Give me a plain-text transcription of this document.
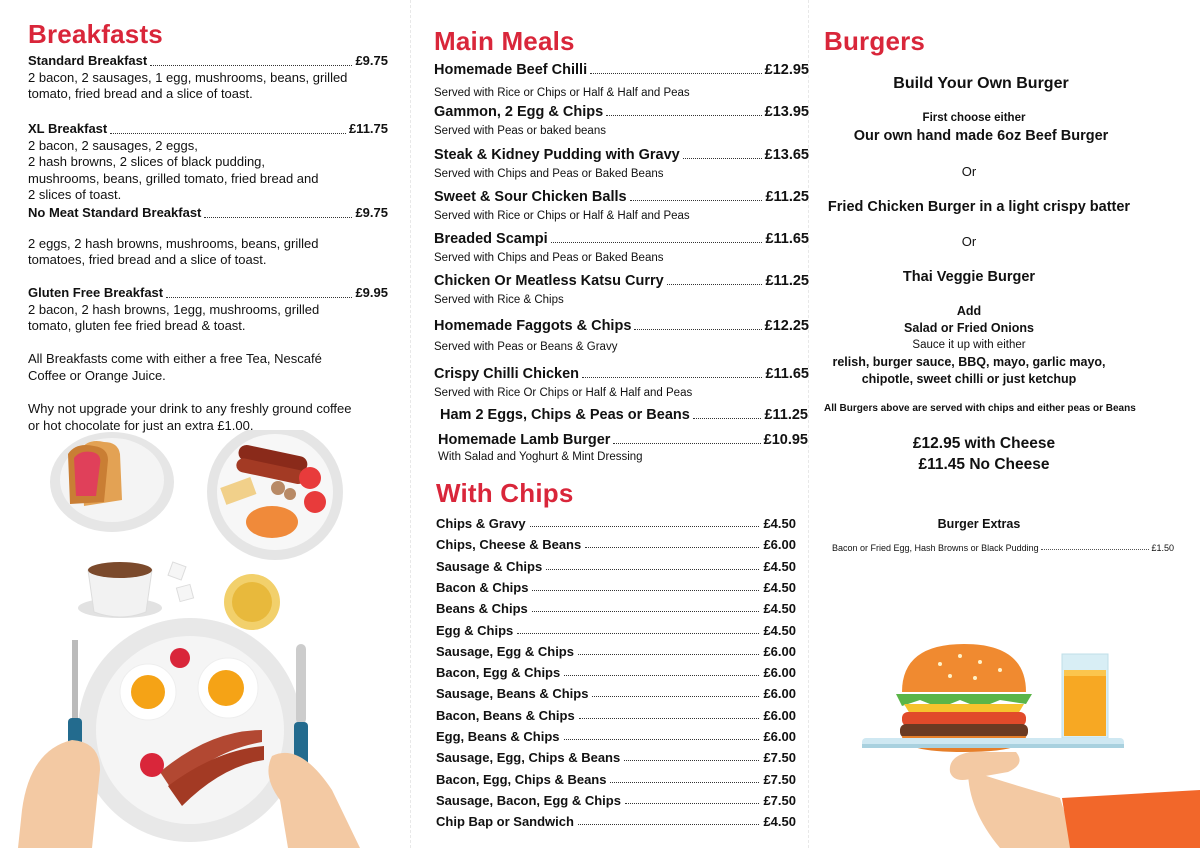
Breakfasts
Standard Breakfast	£9.75
2 bacon, 2 sausages, 1 egg, mushrooms, beans, grilled
tomato, fried bread and a slice of toast.
XL Breakfast	£11.75
2 bacon, 2 sausages, 2 eggs,
2 hash browns, 2 slices of black pudding,
mushrooms, beans, grilled tomato, fried bread and
2 slices of toast.
No Meat Standard Breakfast	£9.75
2 eggs, 2 hash browns, mushrooms, beans, grilled
tomatoes, fried bread and a slice of toast.
Gluten Free Breakfast	£9.95
2 bacon, 2 hash browns, 1egg, mushrooms, grilled
tomato, gluten fee fried bread & toast.
All Breakfasts come with either a free Tea, Nescafé
Coffee or Orange Juice.
Why not upgrade your drink to any freshly ground coffee
or hot chocolate for just an extra £1.00.
Main Meals
Homemade Beef Chilli	£12.95
Served with Rice or Chips or Half & Half and Peas
Gammon, 2 Egg & Chips	£13.95
Served with Peas or baked beans
Steak & Kidney Pudding with Gravy	£13.65
Served with Chips and Peas or Baked Beans
Sweet & Sour Chicken Balls	£11.25
Served with Rice or Chips or Half & Half and Peas
Breaded Scampi	£11.65
Served with Chips and Peas or Baked Beans
Chicken Or Meatless Katsu Curry	£11.25
Served with Rice & Chips
Homemade Faggots & Chips	£12.25
Served with Peas or Beans & Gravy
Crispy Chilli Chicken	£11.65
Served with Rice Or Chips or Half & Half and Peas
Ham 2 Eggs, Chips & Peas or Beans	£11.25
Homemade Lamb Burger	£10.95
With Salad and Yoghurt & Mint Dressing
With Chips
Chips & Gravy	£4.50
Chips, Cheese & Beans	£6.00
Sausage & Chips	£4.50
Bacon & Chips	£4.50
Beans & Chips	£4.50
Egg & Chips	£4.50
Sausage, Egg & Chips	£6.00
Bacon, Egg & Chips	£6.00
Sausage, Beans & Chips	£6.00
Bacon, Beans & Chips	£6.00
Egg, Beans & Chips	£6.00
Sausage, Egg, Chips & Beans	£7.50
Bacon, Egg, Chips & Beans	£7.50
Sausage, Bacon, Egg & Chips	£7.50
Chip Bap or Sandwich	£4.50
Burgers
Build Your Own Burger
First choose either
Our own hand made 6oz Beef Burger
Or
Fried Chicken Burger in a light crispy batter
Or
Thai Veggie Burger
Add
Salad or Fried Onions
Sauce it up with either
relish, burger sauce, BBQ, mayo, garlic mayo,
chipotle, sweet chilli or just ketchup
All Burgers above are served with chips and either peas or Beans
£12.95 with Cheese
£11.45 No Cheese
Burger Extras
Bacon or Fried Egg, Hash Browns or Black Pudding	£1.50
